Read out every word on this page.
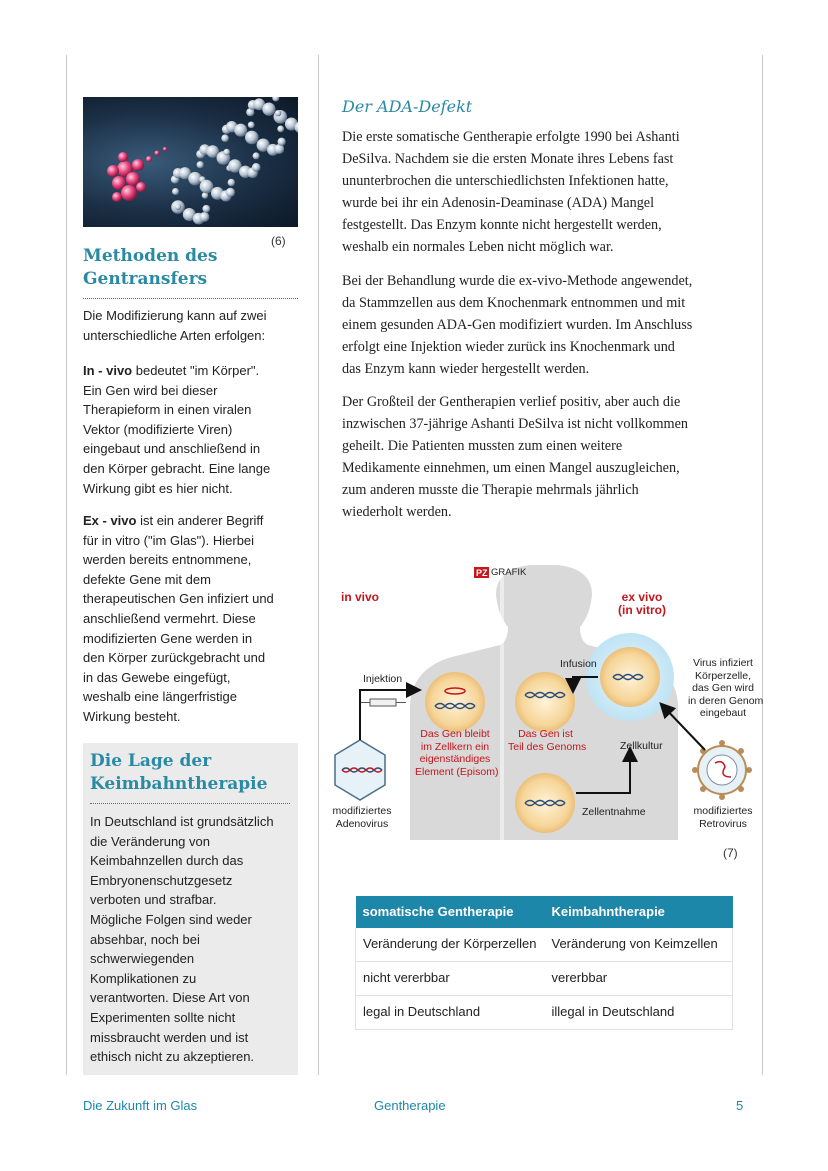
(6)
Methoden des
Gentransfers

Die Modifizierung kann auf zwei
unterschiedliche Arten erfolgen:

In - vivo bedeutet "im Körper".
Ein Gen wird bei dieser
Therapieform in einen viralen
Vektor (modifizierte Viren)
eingebaut und anschließend in
den Körper gebracht. Eine lange
Wirkung gibt es hier nicht.

Ex - vivo ist ein anderer Begriff
für in vitro ("im Glas"). Hierbei
werden bereits entnommene,
defekte Gene mit dem
therapeutischen Gen infiziert und
anschließend vermehrt. Diese
modifizierten Gene werden in
den Körper zurückgebracht und
in das Gewebe eingefügt,
weshalb eine längerfristige
Wirkung besteht.

Die Lage der
Keimbahntherapie

In Deutschland ist grundsätzlich
die Veränderung von
Keimbahnzellen durch das
Embryonenschutzgesetz
verboten und strafbar.
Mögliche Folgen sind weder
absehbar, noch bei
schwerwiegenden
Komplikationen zu
verantworten. Diese Art von
Experimenten sollte nicht
missbraucht werden und ist
ethisch nicht zu akzeptieren.

Der ADA-Defekt

Die erste somatische Gentherapie erfolgte 1990 bei Ashanti
DeSilva. Nachdem sie die ersten Monate ihres Lebens fast
ununterbrochen die unterschiedlichsten Infektionen hatte,
wurde bei ihr ein Adenosin-Deaminase (ADA) Mangel
festgestellt. Das Enzym konnte nicht hergestellt werden,
weshalb ein normales Leben nicht möglich war.

Bei der Behandlung wurde die ex-vivo-Methode angewendet,
da Stammzellen aus dem Knochenmark entnommen und mit
einem gesunden ADA-Gen modifiziert wurden. Im Anschluss
erfolgt eine Injektion wieder zurück ins Knochenmark und
das Enzym kann wieder hergestellt werden.

Der Großteil der Gentherapien verlief positiv, aber auch die
inzwischen 37-jährige Ashanti DeSilva ist nicht vollkommen
geheilt. Die Patienten mussten zum einen weitere
Medikamente einnehmen, um einen Mangel auszugleichen,
zum anderen musste die Therapie mehrmals jährlich
wiederholt werden.

PZ GRAFIK
in vivo	ex vivo
(in vitro)
Injektion
Infusion	Virus infiziert
Körperzelle,
das Gen wird
in deren Genom
eingebaut
Das Gen bleibt
im Zellkern ein
eigenständiges
Element (Episom)
Das Gen ist
Teil des Genoms	Zellkultur
Zellentnahme
modifiziertes
Adenovirus
modifiziertes
Retrovirus
(7)
somatische Gentherapie	Keimbahntherapie
Veränderung der Körperzellen	Veränderung von Keimzellen
nicht vererbbar	vererbbar
legal in Deutschland	illegal in Deutschland
Die Zukunft im Glas	Gentherapie	5
